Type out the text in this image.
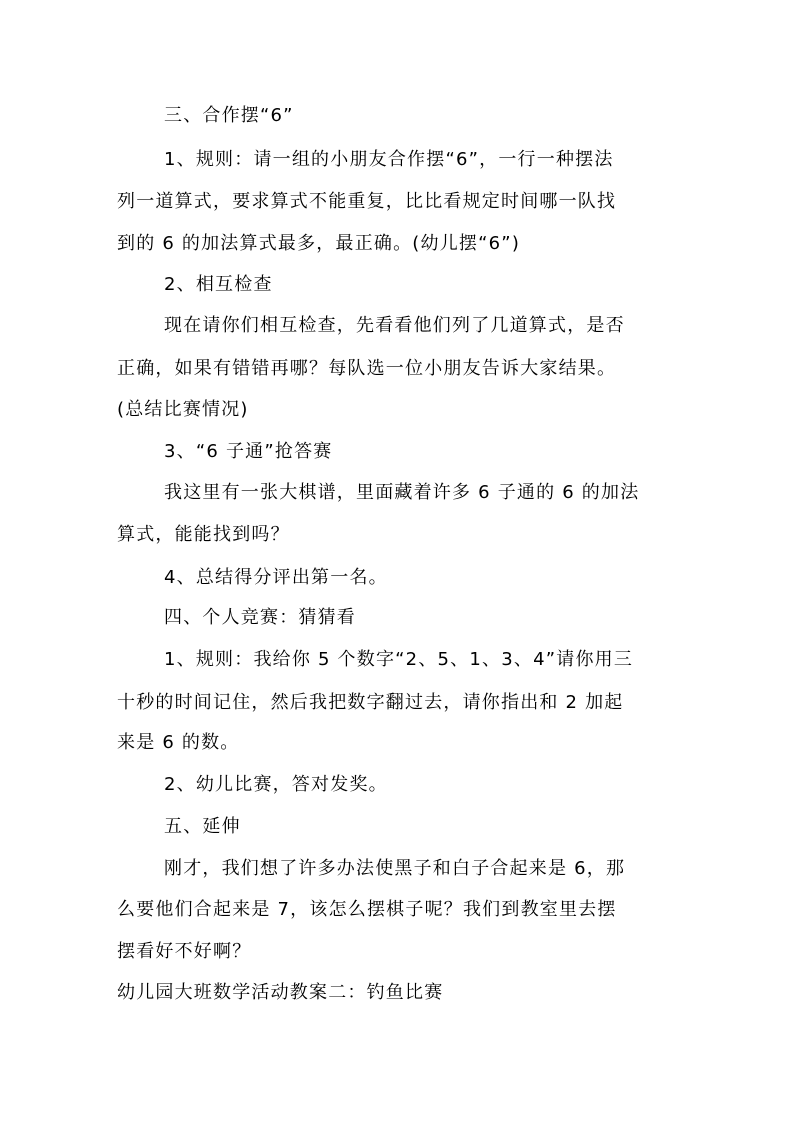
三、合作摆“6”
1、规则：请一组的小朋友合作摆“6”，一行一种摆法
列一道算式，要求算式不能重复，比比看规定时间哪一队找
到的 6 的加法算式最多，最正确。(幼儿摆“6”)
2、相互检查
现在请你们相互检查，先看看他们列了几道算式，是否
正确，如果有错错再哪？每队选一位小朋友告诉大家结果。
(总结比赛情况)
3、“6 子通”抢答赛
我这里有一张大棋谱，里面藏着许多 6 子通的 6 的加法
算式，能能找到吗？
4、总结得分评出第一名。
四、个人竞赛：猜猜看
1、规则：我给你 5 个数字“2、5、1、3、4”请你用三
十秒的时间记住，然后我把数字翻过去，请你指出和 2 加起
来是 6 的数。
2、幼儿比赛，答对发奖。
五、延伸
刚才，我们想了许多办法使黑子和白子合起来是 6，那
么要他们合起来是 7，该怎么摆棋子呢？我们到教室里去摆
摆看好不好啊？
幼儿园大班数学活动教案二：钓鱼比赛
